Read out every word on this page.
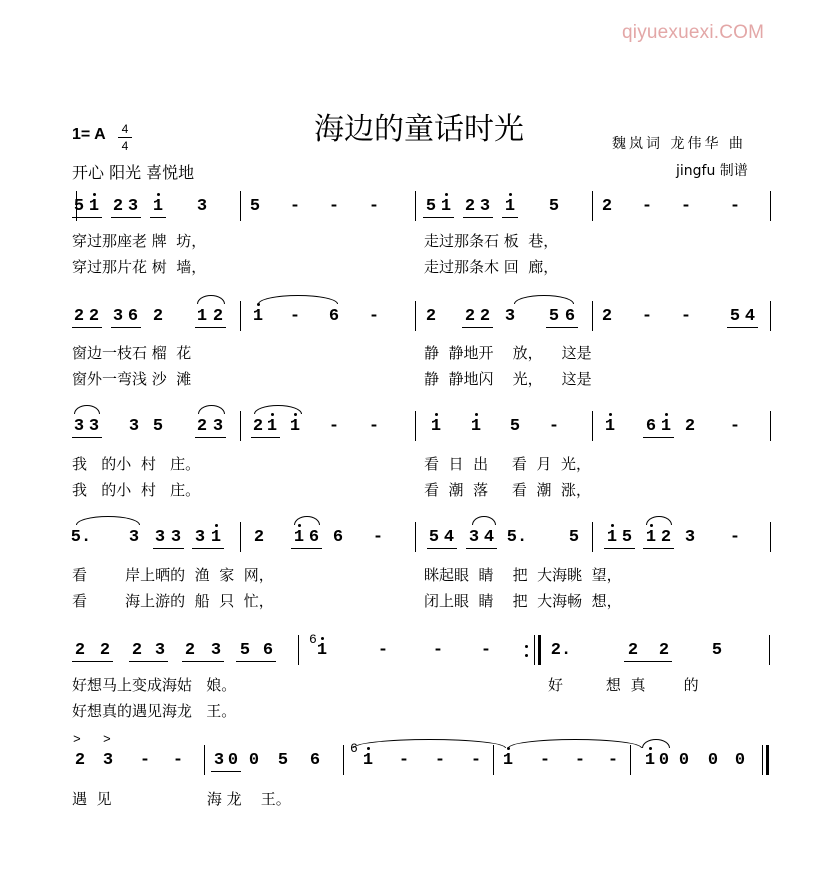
qiyuexuexi.COM
海边的童话时光
1= A	4
4
开心 阳光 喜悦地
魏岚词 龙伟华 曲
jingfu 制谱
5 1 2 3 1 3	5 - - -	5 1 2 3 1 5	2 - - -
穿过那座老 牌  坊，	走过那条石 板  巷，
穿过那片花 树  墙，	走过那条木 回  廊，
2 2 3 6 2 1 2 1 - 6 -	2 2 2 3 5 6 2 - - 5 4
窗边一枝石 榴  花	静  静地开    放，    这是
窗外一弯浅 沙  滩	静  静地闪    光，    这是
3 3 3 5 2 3 2 1 1 - -	1 1 5 -	1 6 1 2 -
我   的小  村   庄。	看  日  出     看  月  光，
我   的小  村   庄。	看  潮  落     看  潮  涨，
5. 3 3 3 3 1 2 1 6 6 -	5 4 3 4 5. 5 1 5 1 2 3 -
看        岸上晒的  渔  家  网，	眯起眼  睛    把  大海眺  望，
看        海上游的  船  只  忙，	闭上眼  睛    把  大海畅  想，
2 2 2 3 2 3 5 6	1	-	- -	2.	2 2	5
好想马上变成海姑   娘。	好         想  真        的
好想真的遇见海龙   王。
2 3 - - 3 0 0 5 6	1 - - - 1 - - - 1 0 0 0 0
遇  见                    海 龙    王。
6
6
> >
